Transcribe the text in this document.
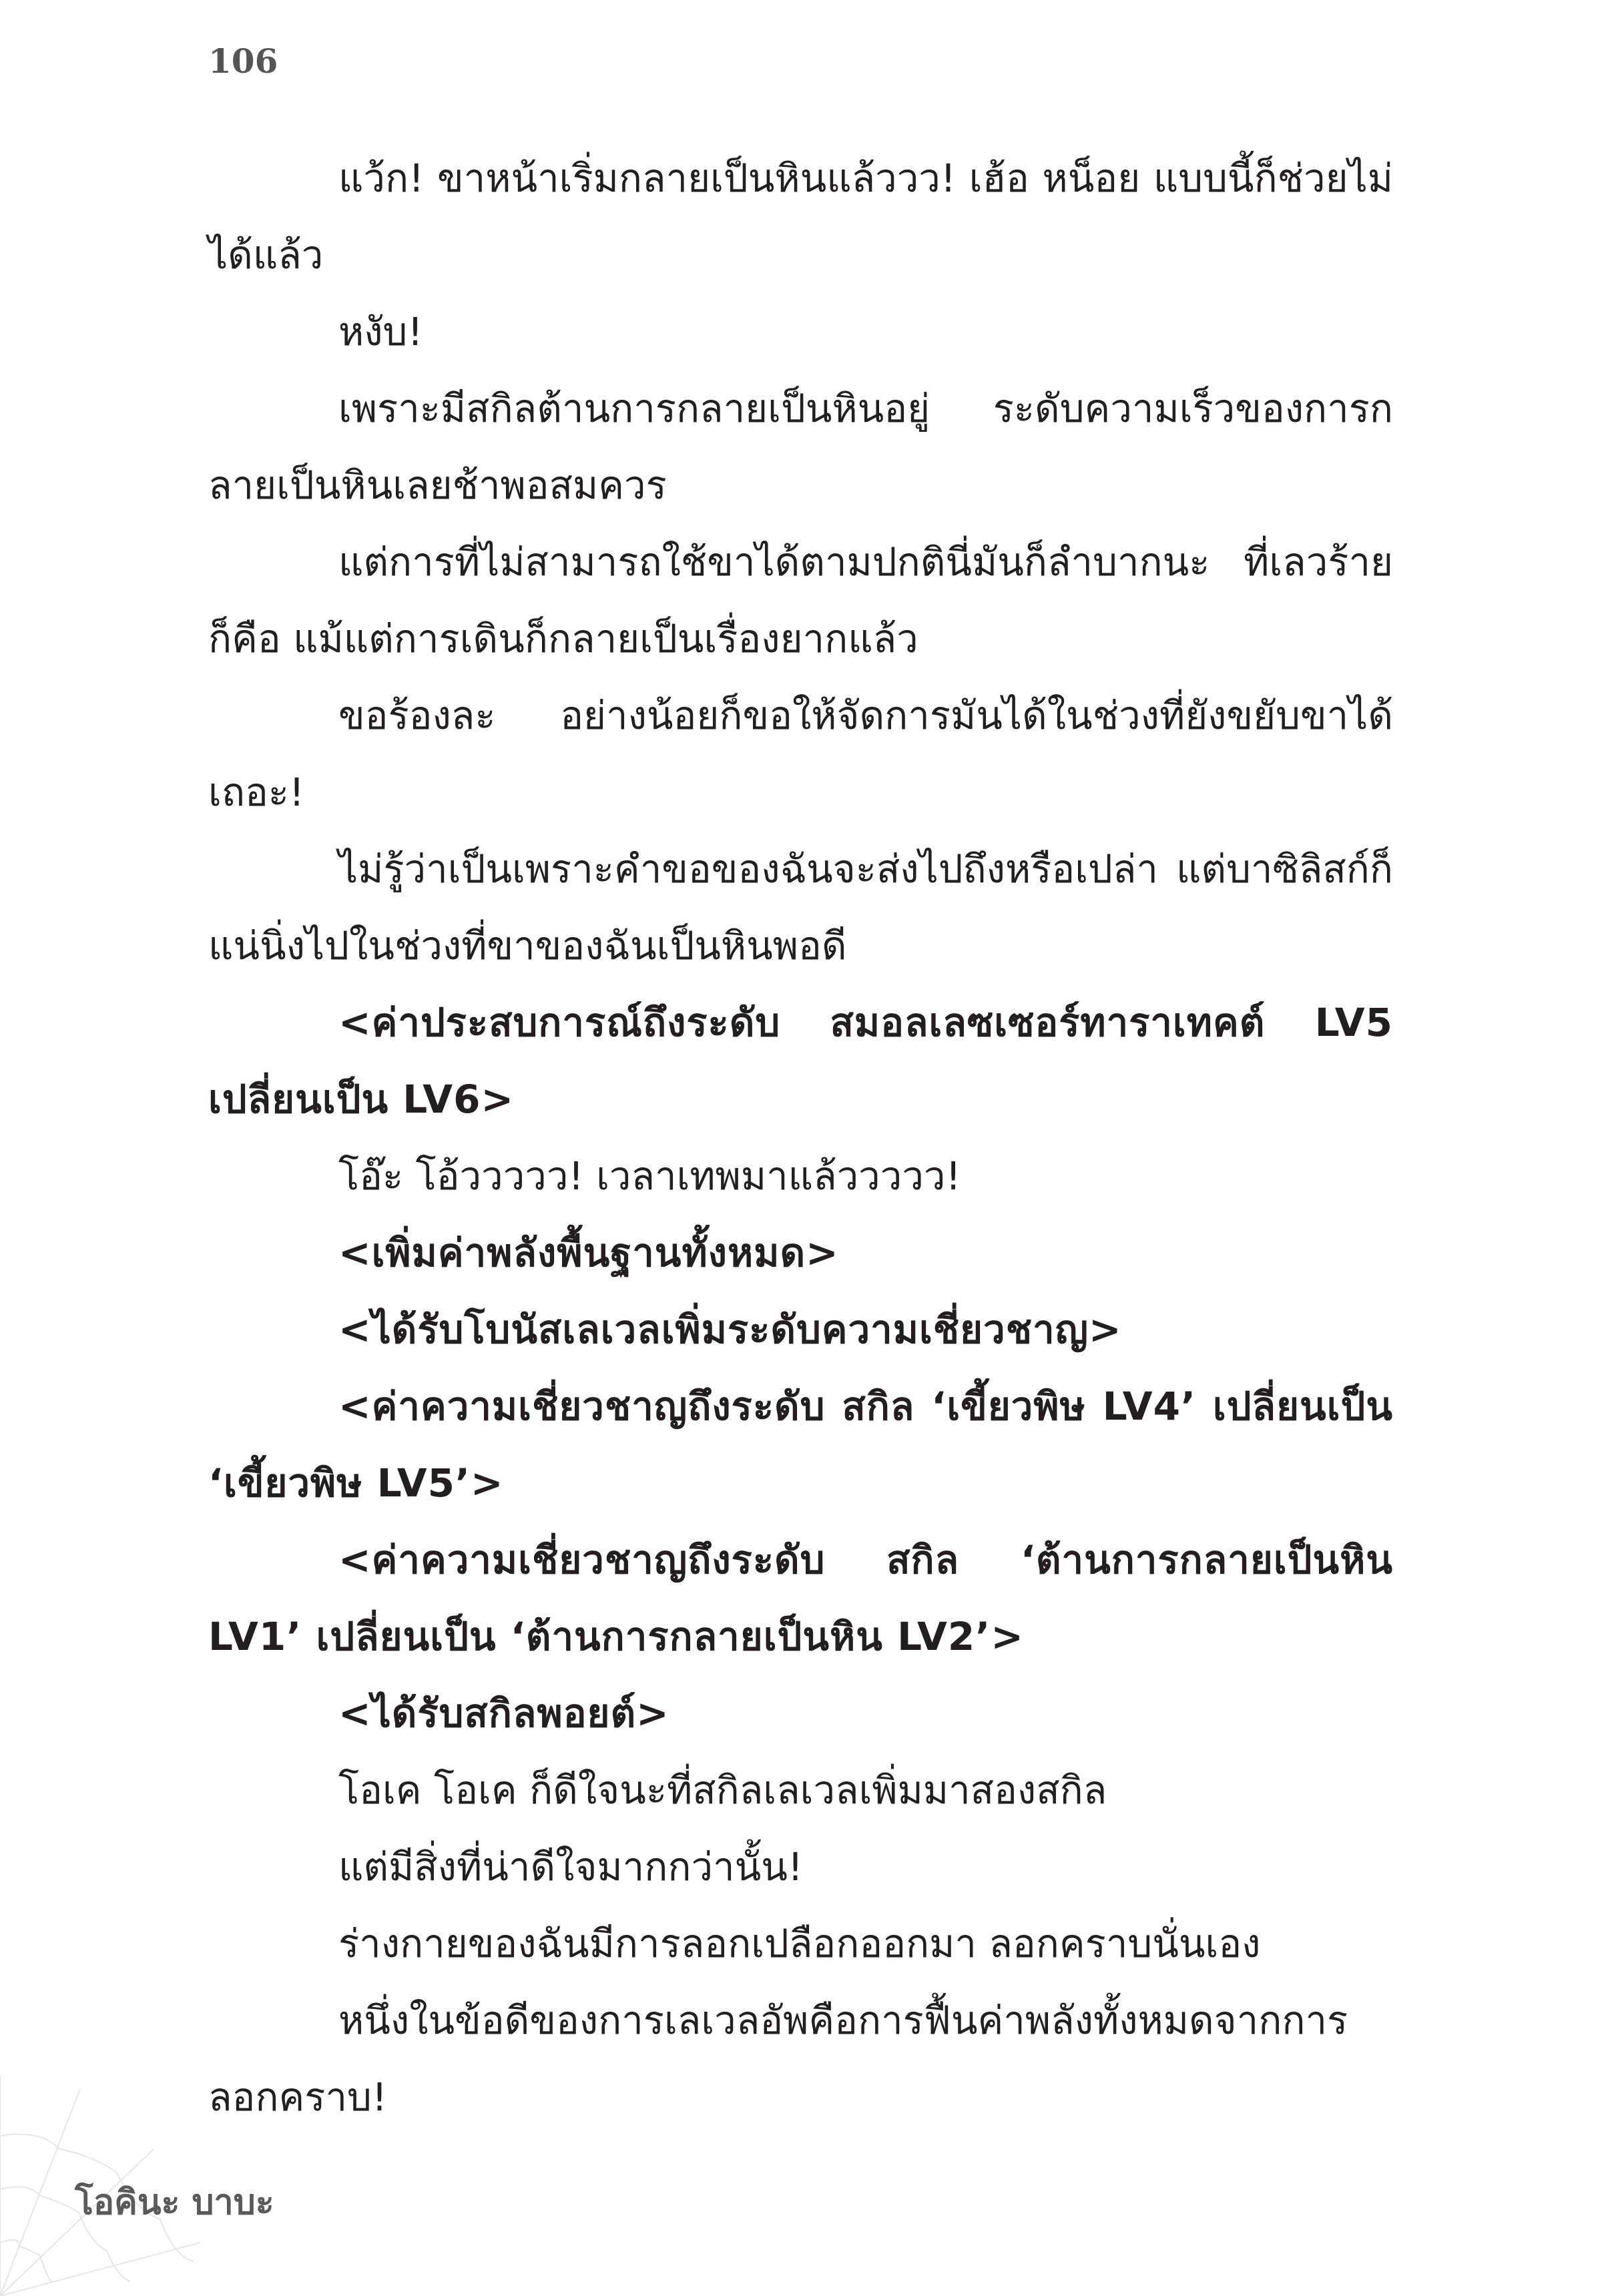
106

แว้ก! ขาหน้าเริ่มกลายเป็นหินแล้ววว! เฮ้อ หน็อย แบบนี้ก็ช่วยไม่ได้แล้ว

หงับ!

เพราะมีสกิลต้านการกลายเป็นหินอยู่ ระดับความเร็วของการกลายเป็นหินเลยช้าพอสมควร

แต่การที่ไม่สามารถใช้ขาได้ตามปกตินี่มันก็ลำบากนะ ที่เลวร้ายก็คือ แม้แต่การเดินก็กลายเป็นเรื่องยากแล้ว

ขอร้องละ อย่างน้อยก็ขอให้จัดการมันได้ในช่วงที่ยังขยับขาได้เถอะ!

ไม่รู้ว่าเป็นเพราะคำขอของฉันจะส่งไปถึงหรือเปล่า แต่บาซิลิสก์ก็แน่นิ่งไปในช่วงที่ขาของฉันเป็นหินพอดี

<ค่าประสบการณ์ถึงระดับ สมอลเลซเซอร์ทาราเทคต์ LV5 เปลี่ยนเป็น LV6>

โอ๊ะ โอ้ววววว! เวลาเทพมาแล้ววววว!

<เพิ่มค่าพลังพื้นฐานทั้งหมด>

<ได้รับโบนัสเลเวลเพิ่มระดับความเชี่ยวชาญ>

<ค่าความเชี่ยวชาญถึงระดับ สกิล ‘เขี้ยวพิษ LV4’ เปลี่ยนเป็น ‘เขี้ยวพิษ LV5’>

<ค่าความเชี่ยวชาญถึงระดับ สกิล ‘ต้านการกลายเป็นหิน LV1’ เปลี่ยนเป็น ‘ต้านการกลายเป็นหิน LV2’>

<ได้รับสกิลพอยต์>

โอเค โอเค ก็ดีใจนะที่สกิลเลเวลเพิ่มมาสองสกิล

แต่มีสิ่งที่น่าดีใจมากกว่านั้น!

ร่างกายของฉันมีการลอกเปลือกออกมา ลอกคราบนั่นเอง

หนึ่งในข้อดีของการเลเวลอัพคือการฟื้นค่าพลังทั้งหมดจากการลอกคราบ!

โอคินะ บาบะ
